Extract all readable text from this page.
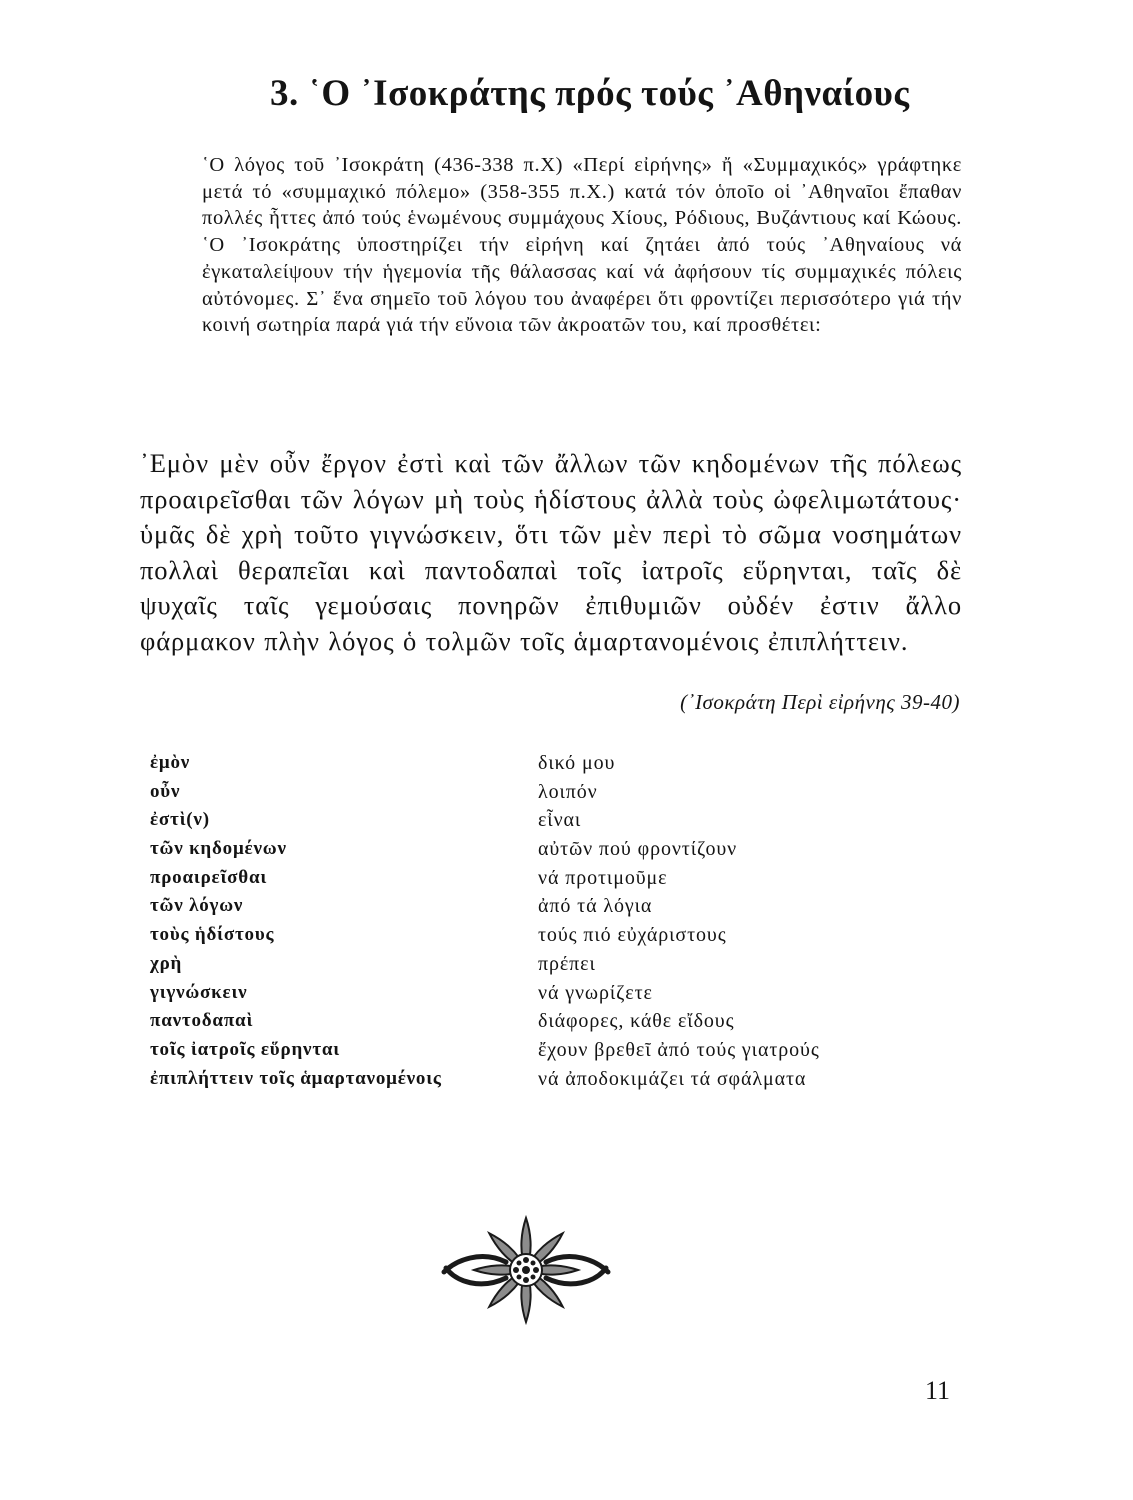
3. ῾Ο ᾿Ισοκράτης πρός τούς ᾿Αθηναίους

῾Ο λόγος τοῦ ᾿Ισοκράτη (436-338 π.Χ) «Περί εἰρήνης» ἤ «Συμμαχικός» γράφτηκε μετά τό «συμμαχικό πόλεμο» (358-355 π.Χ.) κατά τόν ὁποῖο οἱ ᾿Αθηναῖοι ἔπαθαν πολλές ἧττες ἀπό τούς ἑνωμένους συμμάχους Χίους, Ρόδιους, Βυζάντιους καί Κώους. ῾Ο ᾿Ισοκράτης ὑποστηρίζει τήν εἰρήνη καί ζητάει ἀπό τούς ᾿Αθηναίους νά ἐγκαταλείψουν τήν ἡγεμονία τῆς θάλασσας καί νά ἀφήσουν τίς συμμαχικές πόλεις αὐτόνομες. Σ᾿ ἕνα σημεῖο τοῦ λόγου του ἀναφέρει ὅτι φροντίζει περισσότερο γιά τήν κοινή σωτηρία παρά γιά τήν εὔνοια τῶν ἀκροατῶν του, καί προσθέτει:

᾿Εμὸν μὲν οὖν ἔργον ἐστὶ καὶ τῶν ἄλλων τῶν κηδομένων τῆς πόλεως προαιρεῖσθαι τῶν λόγων μὴ τοὺς ἡδίστους ἀλλὰ τοὺς ὠφελιμωτάτους· ὑμᾶς δὲ χρὴ τοῦτο γιγνώσκειν, ὅτι τῶν μὲν περὶ τὸ σῶμα νοσημάτων πολλαὶ θεραπεῖαι καὶ παντοδαπαὶ τοῖς ἰατροῖς εὕρηνται, ταῖς δὲ ψυχαῖς ταῖς γεμούσαις πονηρῶν ἐπιθυμιῶν οὐδέν ἐστιν ἄλλο φάρμακον πλὴν λόγος ὁ τολμῶν τοῖς ἁμαρτανομένοις ἐπιπλήττειν.

(᾿Ισοκράτη Περὶ εἰρήνης 39-40)
ἐμὸν	δικό μου
οὖν	λοιπόν
ἐστὶ(ν)	εἶναι
τῶν κηδομένων	αὐτῶν πού φροντίζουν
προαιρεῖσθαι	νά προτιμοῦμε
τῶν λόγων	ἀπό τά λόγια
τοὺς ἡδίστους	τούς πιό εὐχάριστους
χρὴ	πρέπει
γιγνώσκειν	νά γνωρίζετε
παντοδαπαὶ	διάφορες, κάθε εἴδους
τοῖς ἰατροῖς εὕρηνται	ἔχουν βρεθεῖ ἀπό τούς γιατρούς
ἐπιπλήττειν τοῖς ἁμαρτανομένοις	νά ἀποδοκιμάζει τά σφάλματα
11
